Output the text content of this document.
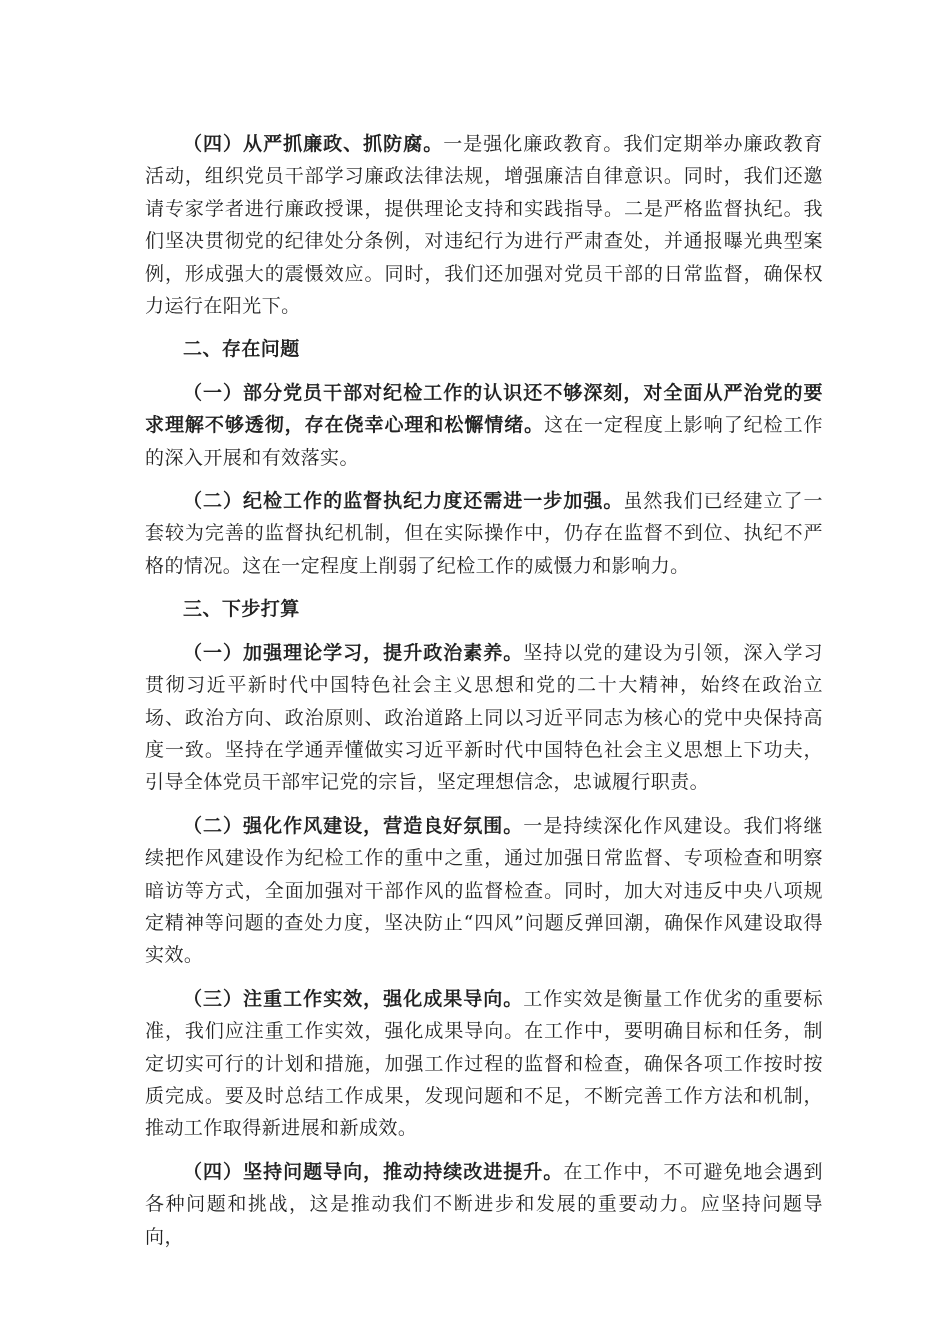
（四）从严抓廉政、抓防腐。一是强化廉政教育。我们定期举办廉政教育活动，组织党员干部学习廉政法律法规，增强廉洁自律意识。同时，我们还邀请专家学者进行廉政授课，提供理论支持和实践指导。二是严格监督执纪。我们坚决贯彻党的纪律处分条例，对违纪行为进行严肃查处，并通报曝光典型案例，形成强大的震慑效应。同时，我们还加强对党员干部的日常监督，确保权力运行在阳光下。

二、存在问题

（一）部分党员干部对纪检工作的认识还不够深刻，对全面从严治党的要求理解不够透彻，存在侥幸心理和松懈情绪。这在一定程度上影响了纪检工作的深入开展和有效落实。

（二）纪检工作的监督执纪力度还需进一步加强。虽然我们已经建立了一套较为完善的监督执纪机制，但在实际操作中，仍存在监督不到位、执纪不严格的情况。这在一定程度上削弱了纪检工作的威慑力和影响力。

三、下步打算

（一）加强理论学习，提升政治素养。坚持以党的建设为引领，深入学习贯彻习近平新时代中国特色社会主义思想和党的二十大精神，始终在政治立场、政治方向、政治原则、政治道路上同以习近平同志为核心的党中央保持高度一致。坚持在学通弄懂做实习近平新时代中国特色社会主义思想上下功夫，引导全体党员干部牢记党的宗旨，坚定理想信念，忠诚履行职责。

（二）强化作风建设，营造良好氛围。一是持续深化作风建设。我们将继续把作风建设作为纪检工作的重中之重，通过加强日常监督、专项检查和明察暗访等方式，全面加强对干部作风的监督检查。同时，加大对违反中央八项规定精神等问题的查处力度，坚决防止“四风”问题反弹回潮，确保作风建设取得实效。

（三）注重工作实效，强化成果导向。工作实效是衡量工作优劣的重要标准，我们应注重工作实效，强化成果导向。在工作中，要明确目标和任务，制定切实可行的计划和措施，加强工作过程的监督和检查，确保各项工作按时按质完成。要及时总结工作成果，发现问题和不足，不断完善工作方法和机制，推动工作取得新进展和新成效。

（四）坚持问题导向，推动持续改进提升。在工作中，不可避免地会遇到各种问题和挑战，这是推动我们不断进步和发展的重要动力。应坚持问题导向，
